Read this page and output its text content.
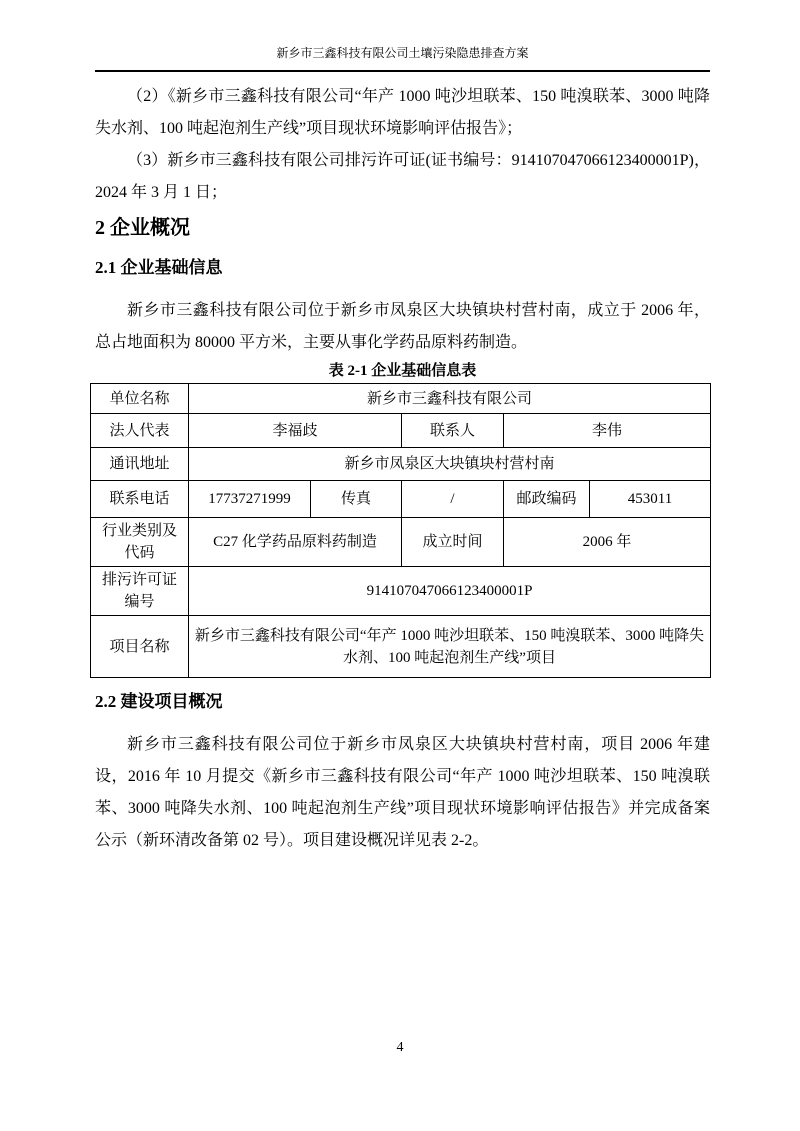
新乡市三鑫科技有限公司土壤污染隐患排查方案

（2）《新乡市三鑫科技有限公司“年产 1000 吨沙坦联苯、150 吨溴联苯、3000 吨降失水剂、100 吨起泡剂生产线”项目现状环境影响评估报告》；

（3）新乡市三鑫科技有限公司排污许可证(证书编号：914107047066123400001P)，2024 年 3 月 1 日；

2 企业概况
2.1 企业基础信息

新乡市三鑫科技有限公司位于新乡市凤泉区大块镇块村营村南，成立于 2006 年，总占地面积为 80000 平方米，主要从事化学药品原料药制造。

表 2-1 企业基础信息表
单位名称	新乡市三鑫科技有限公司				
法人代表	李福歧		联系人	李伟	
通讯地址	新乡市凤泉区大块镇块村营村南				
联系电话	17737271999	传真	/	邮政编码	453011
行业类别及代码	C27 化学药品原料药制造		成立时间	2006 年	
排污许可证编号	914107047066123400001P				
项目名称	新乡市三鑫科技有限公司“年产 1000 吨沙坦联苯、150 吨溴联苯、3000 吨降失水剂、100 吨起泡剂生产线”项目				
2.2 建设项目概况

新乡市三鑫科技有限公司位于新乡市凤泉区大块镇块村营村南，项目 2006 年建设，2016 年 10 月提交《新乡市三鑫科技有限公司“年产 1000 吨沙坦联苯、150 吨溴联苯、3000 吨降失水剂、100 吨起泡剂生产线”项目现状环境影响评估报告》并完成备案公示（新环清改备第 02 号）。项目建设概况详见表 2-2。

4
